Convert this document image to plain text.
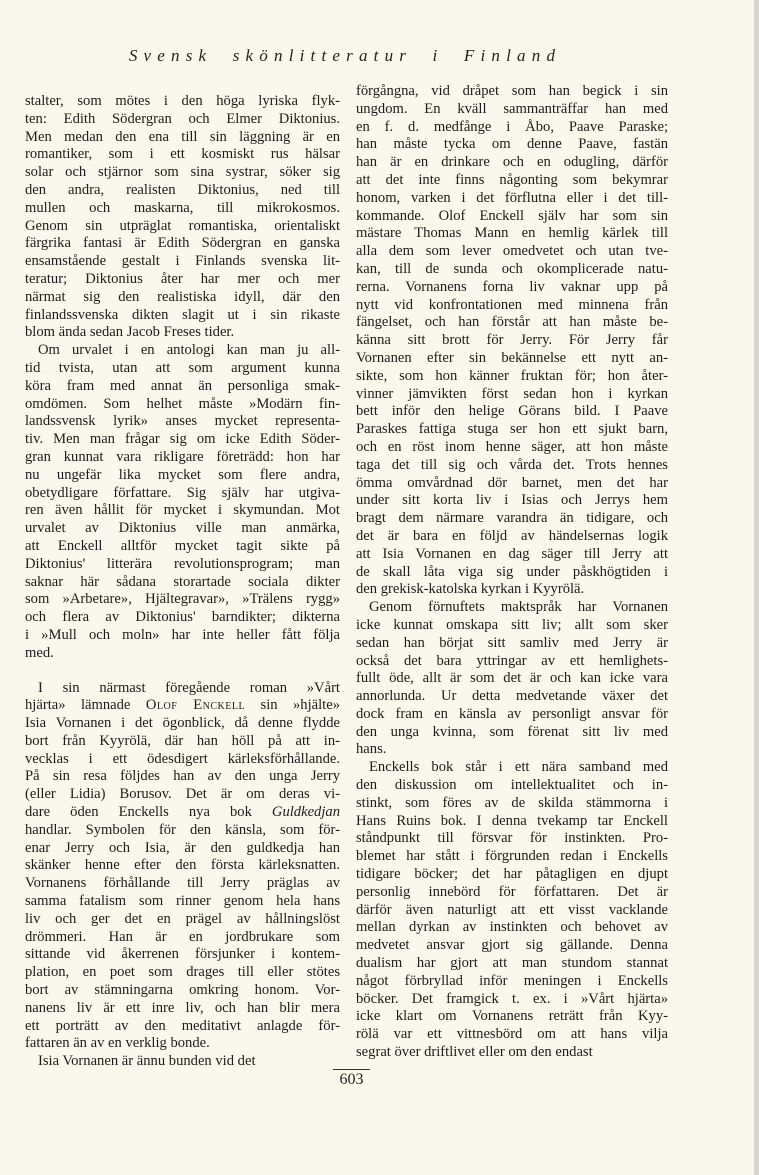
Svensk skönlitteratur i Finland
stalter, som mötes i den höga lyriska flyk-
ten: Edith Södergran och Elmer Diktonius.
Men medan den ena till sin läggning är en
romantiker, som i ett kosmiskt rus hälsar
solar och stjärnor som sina systrar, söker sig
den andra, realisten Diktonius, ned till
mullen och maskarna, till mikrokosmos.
Genom sin utpräglat romantiska, orientaliskt
färgrika fantasi är Edith Södergran en ganska
ensamstående gestalt i Finlands svenska lit-
teratur; Diktonius åter har mer och mer
närmat sig den realistiska idyll, där den
finlandssvenska dikten slagit ut i sin rikaste
blom ända sedan Jacob Freses tider.
Om urvalet i en antologi kan man ju all-
tid tvista, utan att som argument kunna
köra fram med annat än personliga smak-
omdömen. Som helhet måste »Modärn fin-
landssvensk lyrik» anses mycket representa-
tiv. Men man frågar sig om icke Edith Söder-
gran kunnat vara rikligare företrädd: hon har
nu ungefär lika mycket som flere andra,
obetydligare författare. Sig själv har utgiva-
ren även hållit för mycket i skymundan. Mot
urvalet av Diktonius ville man anmärka,
att Enckell alltför mycket tagit sikte på
Diktonius' litterära revolutionsprogram; man
saknar här sådana storartade sociala dikter
som »Arbetare», Hjältegravar», »Trälens rygg»
och flera av Diktonius' barndikter; dikterna
i »Mull och moln» har inte heller fått följa
med.
I sin närmast föregående roman »Vårt
hjärta» lämnade Olof Enckell sin »hjälte»
Isia Vornanen i det ögonblick, då denne flydde
bort från Kyyrölä, där han höll på att in-
vecklas i ett ödesdigert kärleksförhållande.
På sin resa följdes han av den unga Jerry
(eller Lidia) Borusov. Det är om deras vi-
dare öden Enckells nya bok Guldkedjan
handlar. Symbolen för den känsla, som för-
enar Jerry och Isia, är den guldkedja han
skänker henne efter den första kärleksnatten.
Vornanens förhållande till Jerry präglas av
samma fatalism som rinner genom hela hans
liv och ger det en prägel av hållningslöst
drömmeri. Han är en jordbrukare som
sittande vid åkerrenen försjunker i kontem-
plation, en poet som drages till eller stötes
bort av stämningarna omkring honom. Vor-
nanens liv är ett inre liv, och han blir mera
ett porträtt av den meditativt anlagde för-
fattaren än av en verklig bonde.
Isia Vornanen är ännu bunden vid det
förgångna, vid dråpet som han begick i sin
ungdom. En kväll sammanträffar han med
en f. d. medfånge i Åbo, Paave Paraske;
han måste tycka om denne Paave, fastän
han är en drinkare och en odugling, därför
att det inte finns någonting som bekymrar
honom, varken i det förflutna eller i det till-
kommande. Olof Enckell själv har som sin
mästare Thomas Mann en hemlig kärlek till
alla dem som lever omedvetet och utan tve-
kan, till de sunda och okomplicerade natu-
rerna. Vornanens forna liv vaknar upp på
nytt vid konfrontationen med minnena från
fängelset, och han förstår att han måste be-
känna sitt brott för Jerry. För Jerry får
Vornanen efter sin bekännelse ett nytt an-
sikte, som hon känner fruktan för; hon åter-
vinner jämvikten först sedan hon i kyrkan
bett inför den helige Görans bild. I Paave
Paraskes fattiga stuga ser hon ett sjukt barn,
och en röst inom henne säger, att hon måste
taga det till sig och vårda det. Trots hennes
ömma omvårdnad dör barnet, men det har
under sitt korta liv i Isias och Jerrys hem
bragt dem närmare varandra än tidigare, och
det är bara en följd av händelsernas logik
att Isia Vornanen en dag säger till Jerry att
de skall låta viga sig under påskhögtiden i
den grekisk-katolska kyrkan i Kyyrölä.
Genom förnuftets maktspråk har Vornanen
icke kunnat omskapa sitt liv; allt som sker
sedan han börjat sitt samliv med Jerry är
också det bara yttringar av ett hemlighets-
fullt öde, allt är som det är och kan icke vara
annorlunda. Ur detta medvetande växer det
dock fram en känsla av personligt ansvar för
den unga kvinna, som förenat sitt liv med
hans.
Enckells bok står i ett nära samband med
den diskussion om intellektualitet och in-
stinkt, som föres av de skilda stämmorna i
Hans Ruins bok. I denna tvekamp tar Enckell
ståndpunkt till försvar för instinkten. Pro-
blemet har stått i förgrunden redan i Enckells
tidigare böcker; det har påtagligen en djupt
personlig innebörd för författaren. Det är
därför även naturligt att ett visst vacklande
mellan dyrkan av instinkten och behovet av
medvetet ansvar gjort sig gällande. Denna
dualism har gjort att man stundom stannat
något förbryllad inför meningen i Enckells
böcker. Det framgick t. ex. i »Vårt hjärta»
icke klart om Vornanens reträtt från Kyy-
rölä var ett vittnesbörd om att hans vilja
segrat över driftlivet eller om den endast
603
